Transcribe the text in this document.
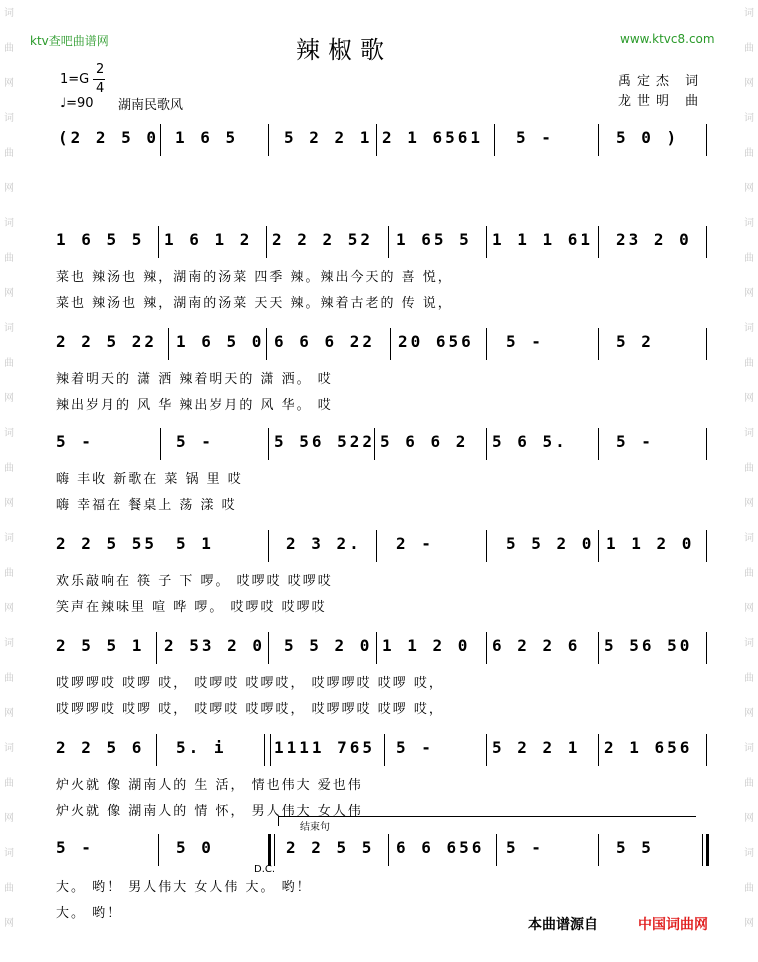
词
曲
网
词
曲
网
词
曲
网
词
曲
网
词
曲
网
词
曲
网
词
曲
网
词
曲
网
词
曲
网
词
曲
网
词
曲
网
词
曲
网
词
曲
网
词
曲
网
词
曲
网
词
曲
网
词
曲
网
词
曲
网
ktv查吧曲谱网	www.ktvc8.com
辣椒歌
1=G
2
4
♩=90 湖南民歌风
禹定杰 词
龙世明 曲
(2 2 5 0 1 6 5	5 2 2 1 2 1 6561 5 -	5 0 )
1 6 5 5 1 6 1 2 2 2 2 52 1 65 5 1 1 1 61 23 2 0
菜也 辣汤也 辣，湖南的汤菜 四季 辣。辣出今天的 喜 悦，
菜也 辣汤也 辣，湖南的汤菜 天天 辣。辣着古老的 传 说，
2 2 5 22 1 6 5 0 6 6 6 22 20 656 5 -	5 2
辣着明天的 潇 洒 辣着明天的 潇 洒。 哎
辣出岁月的 风 华 辣出岁月的 风 华。 哎
5 -	5 -	5 56 522 5 6 6 2 5 6 5.	5 -
嗨 丰收 新歌在 菜 锅 里 哎
嗨 幸福在 餐桌上 荡 漾 哎
2 2 5 55 5 1	2 3 2. 2 -	5 5 2 0 1 1 2 0
欢乐敲响在 筷 子 下 啰。 哎啰哎 哎啰哎
笑声在辣味里 喧 哗 啰。 哎啰哎 哎啰哎
2 5 5 1 2 53 2 0 5 5 2 0 1 1 2 0 6 2 2 6 5 56 50
哎啰啰哎 哎啰 哎， 哎啰哎 哎啰哎， 哎啰啰哎 哎啰 哎，
哎啰啰哎 哎啰 哎， 哎啰哎 哎啰哎， 哎啰啰哎 哎啰 哎，
2 2 5 6 5. i	1111 765 5 -	5 2 2 1 2 1 656
炉火就 像 湖南人的 生 活， 情也伟大 爱也伟
炉火就 像 湖南人的 情 怀， 男人伟大 女人伟
结束句
5 -	5 0	2 2 5 5 6 6 656 5 -	5 5
D.C.
大。 哟！ 男人伟大 女人伟 大。 哟！
大。 哟！
本曲谱源自	中国词曲网
